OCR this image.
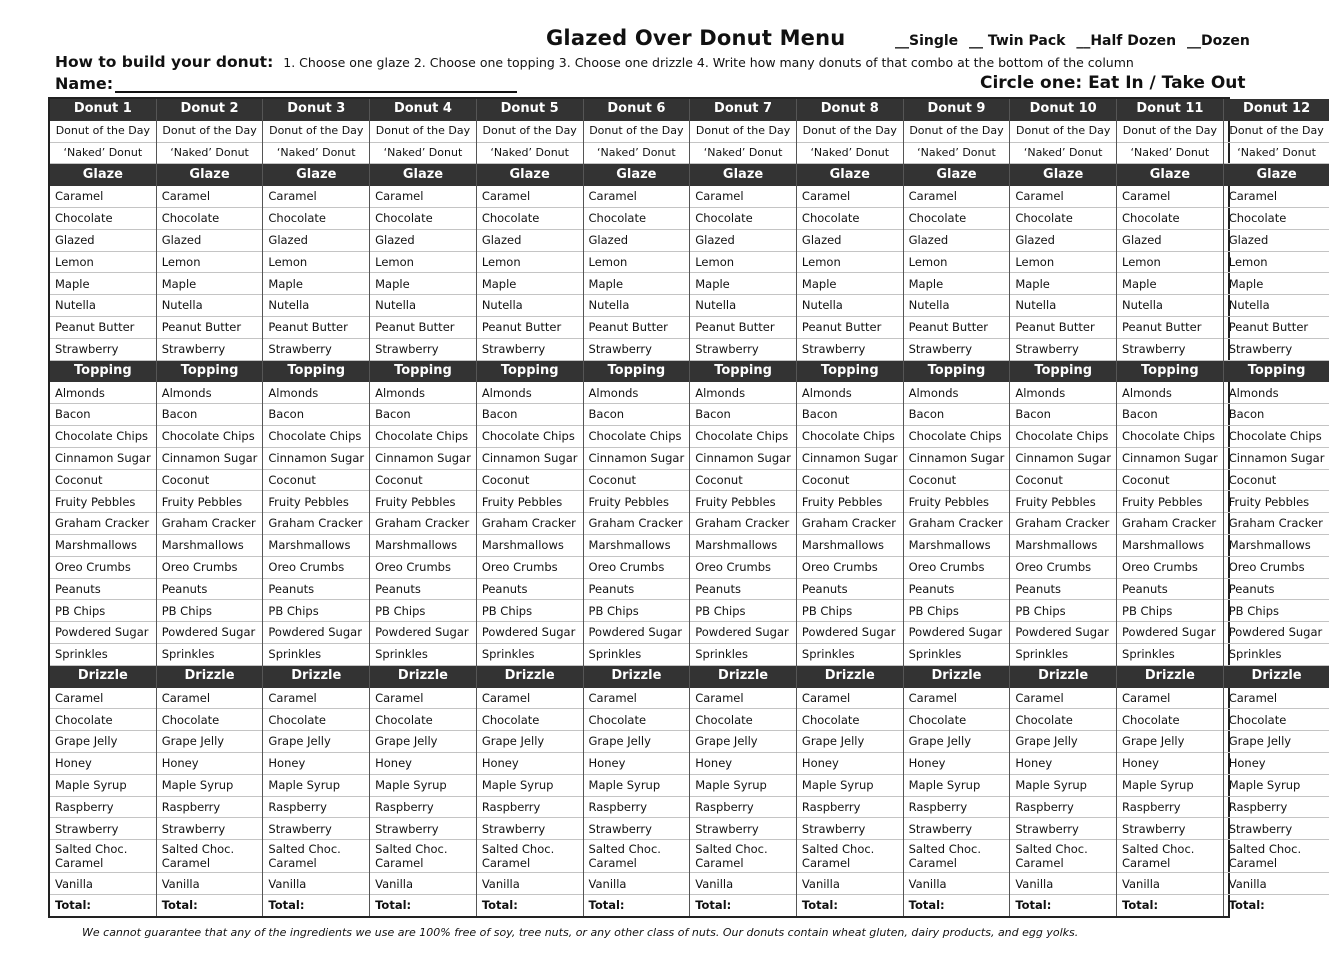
Glazed Over Donut Menu	__Single __ Twin Pack __Half Dozen __Dozen
How to build your donut: 1. Choose one glaze 2. Choose one topping 3. Choose one drizzle 4. Write how many donuts of that combo at the bottom of the column
Name:	Circle one: Eat In / Take Out
Donut 1
Donut of the Day
‘Naked’ Donut
Glaze
Caramel
Chocolate
Glazed
Lemon
Maple
Nutella
Peanut Butter
Strawberry
Topping
Almonds
Bacon
Chocolate Chips
Cinnamon Sugar
Coconut
Fruity Pebbles
Graham Cracker
Marshmallows
Oreo Crumbs
Peanuts
PB Chips
Powdered Sugar
Sprinkles
Drizzle
Caramel
Chocolate
Grape Jelly
Honey
Maple Syrup
Raspberry
Strawberry
Salted Choc. Caramel
Vanilla
Total:
Donut 2
Donut of the Day
‘Naked’ Donut
Glaze
Caramel
Chocolate
Glazed
Lemon
Maple
Nutella
Peanut Butter
Strawberry
Topping
Almonds
Bacon
Chocolate Chips
Cinnamon Sugar
Coconut
Fruity Pebbles
Graham Cracker
Marshmallows
Oreo Crumbs
Peanuts
PB Chips
Powdered Sugar
Sprinkles
Drizzle
Caramel
Chocolate
Grape Jelly
Honey
Maple Syrup
Raspberry
Strawberry
Salted Choc. Caramel
Vanilla
Total:
Donut 3
Donut of the Day
‘Naked’ Donut
Glaze
Caramel
Chocolate
Glazed
Lemon
Maple
Nutella
Peanut Butter
Strawberry
Topping
Almonds
Bacon
Chocolate Chips
Cinnamon Sugar
Coconut
Fruity Pebbles
Graham Cracker
Marshmallows
Oreo Crumbs
Peanuts
PB Chips
Powdered Sugar
Sprinkles
Drizzle
Caramel
Chocolate
Grape Jelly
Honey
Maple Syrup
Raspberry
Strawberry
Salted Choc. Caramel
Vanilla
Total:
Donut 4
Donut of the Day
‘Naked’ Donut
Glaze
Caramel
Chocolate
Glazed
Lemon
Maple
Nutella
Peanut Butter
Strawberry
Topping
Almonds
Bacon
Chocolate Chips
Cinnamon Sugar
Coconut
Fruity Pebbles
Graham Cracker
Marshmallows
Oreo Crumbs
Peanuts
PB Chips
Powdered Sugar
Sprinkles
Drizzle
Caramel
Chocolate
Grape Jelly
Honey
Maple Syrup
Raspberry
Strawberry
Salted Choc. Caramel
Vanilla
Total:
Donut 5
Donut of the Day
‘Naked’ Donut
Glaze
Caramel
Chocolate
Glazed
Lemon
Maple
Nutella
Peanut Butter
Strawberry
Topping
Almonds
Bacon
Chocolate Chips
Cinnamon Sugar
Coconut
Fruity Pebbles
Graham Cracker
Marshmallows
Oreo Crumbs
Peanuts
PB Chips
Powdered Sugar
Sprinkles
Drizzle
Caramel
Chocolate
Grape Jelly
Honey
Maple Syrup
Raspberry
Strawberry
Salted Choc. Caramel
Vanilla
Total:
Donut 6
Donut of the Day
‘Naked’ Donut
Glaze
Caramel
Chocolate
Glazed
Lemon
Maple
Nutella
Peanut Butter
Strawberry
Topping
Almonds
Bacon
Chocolate Chips
Cinnamon Sugar
Coconut
Fruity Pebbles
Graham Cracker
Marshmallows
Oreo Crumbs
Peanuts
PB Chips
Powdered Sugar
Sprinkles
Drizzle
Caramel
Chocolate
Grape Jelly
Honey
Maple Syrup
Raspberry
Strawberry
Salted Choc. Caramel
Vanilla
Total:
Donut 7
Donut of the Day
‘Naked’ Donut
Glaze
Caramel
Chocolate
Glazed
Lemon
Maple
Nutella
Peanut Butter
Strawberry
Topping
Almonds
Bacon
Chocolate Chips
Cinnamon Sugar
Coconut
Fruity Pebbles
Graham Cracker
Marshmallows
Oreo Crumbs
Peanuts
PB Chips
Powdered Sugar
Sprinkles
Drizzle
Caramel
Chocolate
Grape Jelly
Honey
Maple Syrup
Raspberry
Strawberry
Salted Choc. Caramel
Vanilla
Total:
Donut 8
Donut of the Day
‘Naked’ Donut
Glaze
Caramel
Chocolate
Glazed
Lemon
Maple
Nutella
Peanut Butter
Strawberry
Topping
Almonds
Bacon
Chocolate Chips
Cinnamon Sugar
Coconut
Fruity Pebbles
Graham Cracker
Marshmallows
Oreo Crumbs
Peanuts
PB Chips
Powdered Sugar
Sprinkles
Drizzle
Caramel
Chocolate
Grape Jelly
Honey
Maple Syrup
Raspberry
Strawberry
Salted Choc. Caramel
Vanilla
Total:
Donut 9
Donut of the Day
‘Naked’ Donut
Glaze
Caramel
Chocolate
Glazed
Lemon
Maple
Nutella
Peanut Butter
Strawberry
Topping
Almonds
Bacon
Chocolate Chips
Cinnamon Sugar
Coconut
Fruity Pebbles
Graham Cracker
Marshmallows
Oreo Crumbs
Peanuts
PB Chips
Powdered Sugar
Sprinkles
Drizzle
Caramel
Chocolate
Grape Jelly
Honey
Maple Syrup
Raspberry
Strawberry
Salted Choc. Caramel
Vanilla
Total:
Donut 10
Donut of the Day
‘Naked’ Donut
Glaze
Caramel
Chocolate
Glazed
Lemon
Maple
Nutella
Peanut Butter
Strawberry
Topping
Almonds
Bacon
Chocolate Chips
Cinnamon Sugar
Coconut
Fruity Pebbles
Graham Cracker
Marshmallows
Oreo Crumbs
Peanuts
PB Chips
Powdered Sugar
Sprinkles
Drizzle
Caramel
Chocolate
Grape Jelly
Honey
Maple Syrup
Raspberry
Strawberry
Salted Choc. Caramel
Vanilla
Total:
Donut 11
Donut of the Day
‘Naked’ Donut
Glaze
Caramel
Chocolate
Glazed
Lemon
Maple
Nutella
Peanut Butter
Strawberry
Topping
Almonds
Bacon
Chocolate Chips
Cinnamon Sugar
Coconut
Fruity Pebbles
Graham Cracker
Marshmallows
Oreo Crumbs
Peanuts
PB Chips
Powdered Sugar
Sprinkles
Drizzle
Caramel
Chocolate
Grape Jelly
Honey
Maple Syrup
Raspberry
Strawberry
Salted Choc. Caramel
Vanilla
Total:
Donut 12
Donut of the Day
‘Naked’ Donut
Glaze
Caramel
Chocolate
Glazed
Lemon
Maple
Nutella
Peanut Butter
Strawberry
Topping
Almonds
Bacon
Chocolate Chips
Cinnamon Sugar
Coconut
Fruity Pebbles
Graham Cracker
Marshmallows
Oreo Crumbs
Peanuts
PB Chips
Powdered Sugar
Sprinkles
Drizzle
Caramel
Chocolate
Grape Jelly
Honey
Maple Syrup
Raspberry
Strawberry
Salted Choc. Caramel
Vanilla
Total:
We cannot guarantee that any of the ingredients we use are 100% free of soy, tree nuts, or any other class of nuts. Our donuts contain wheat gluten, dairy products, and egg yolks.
